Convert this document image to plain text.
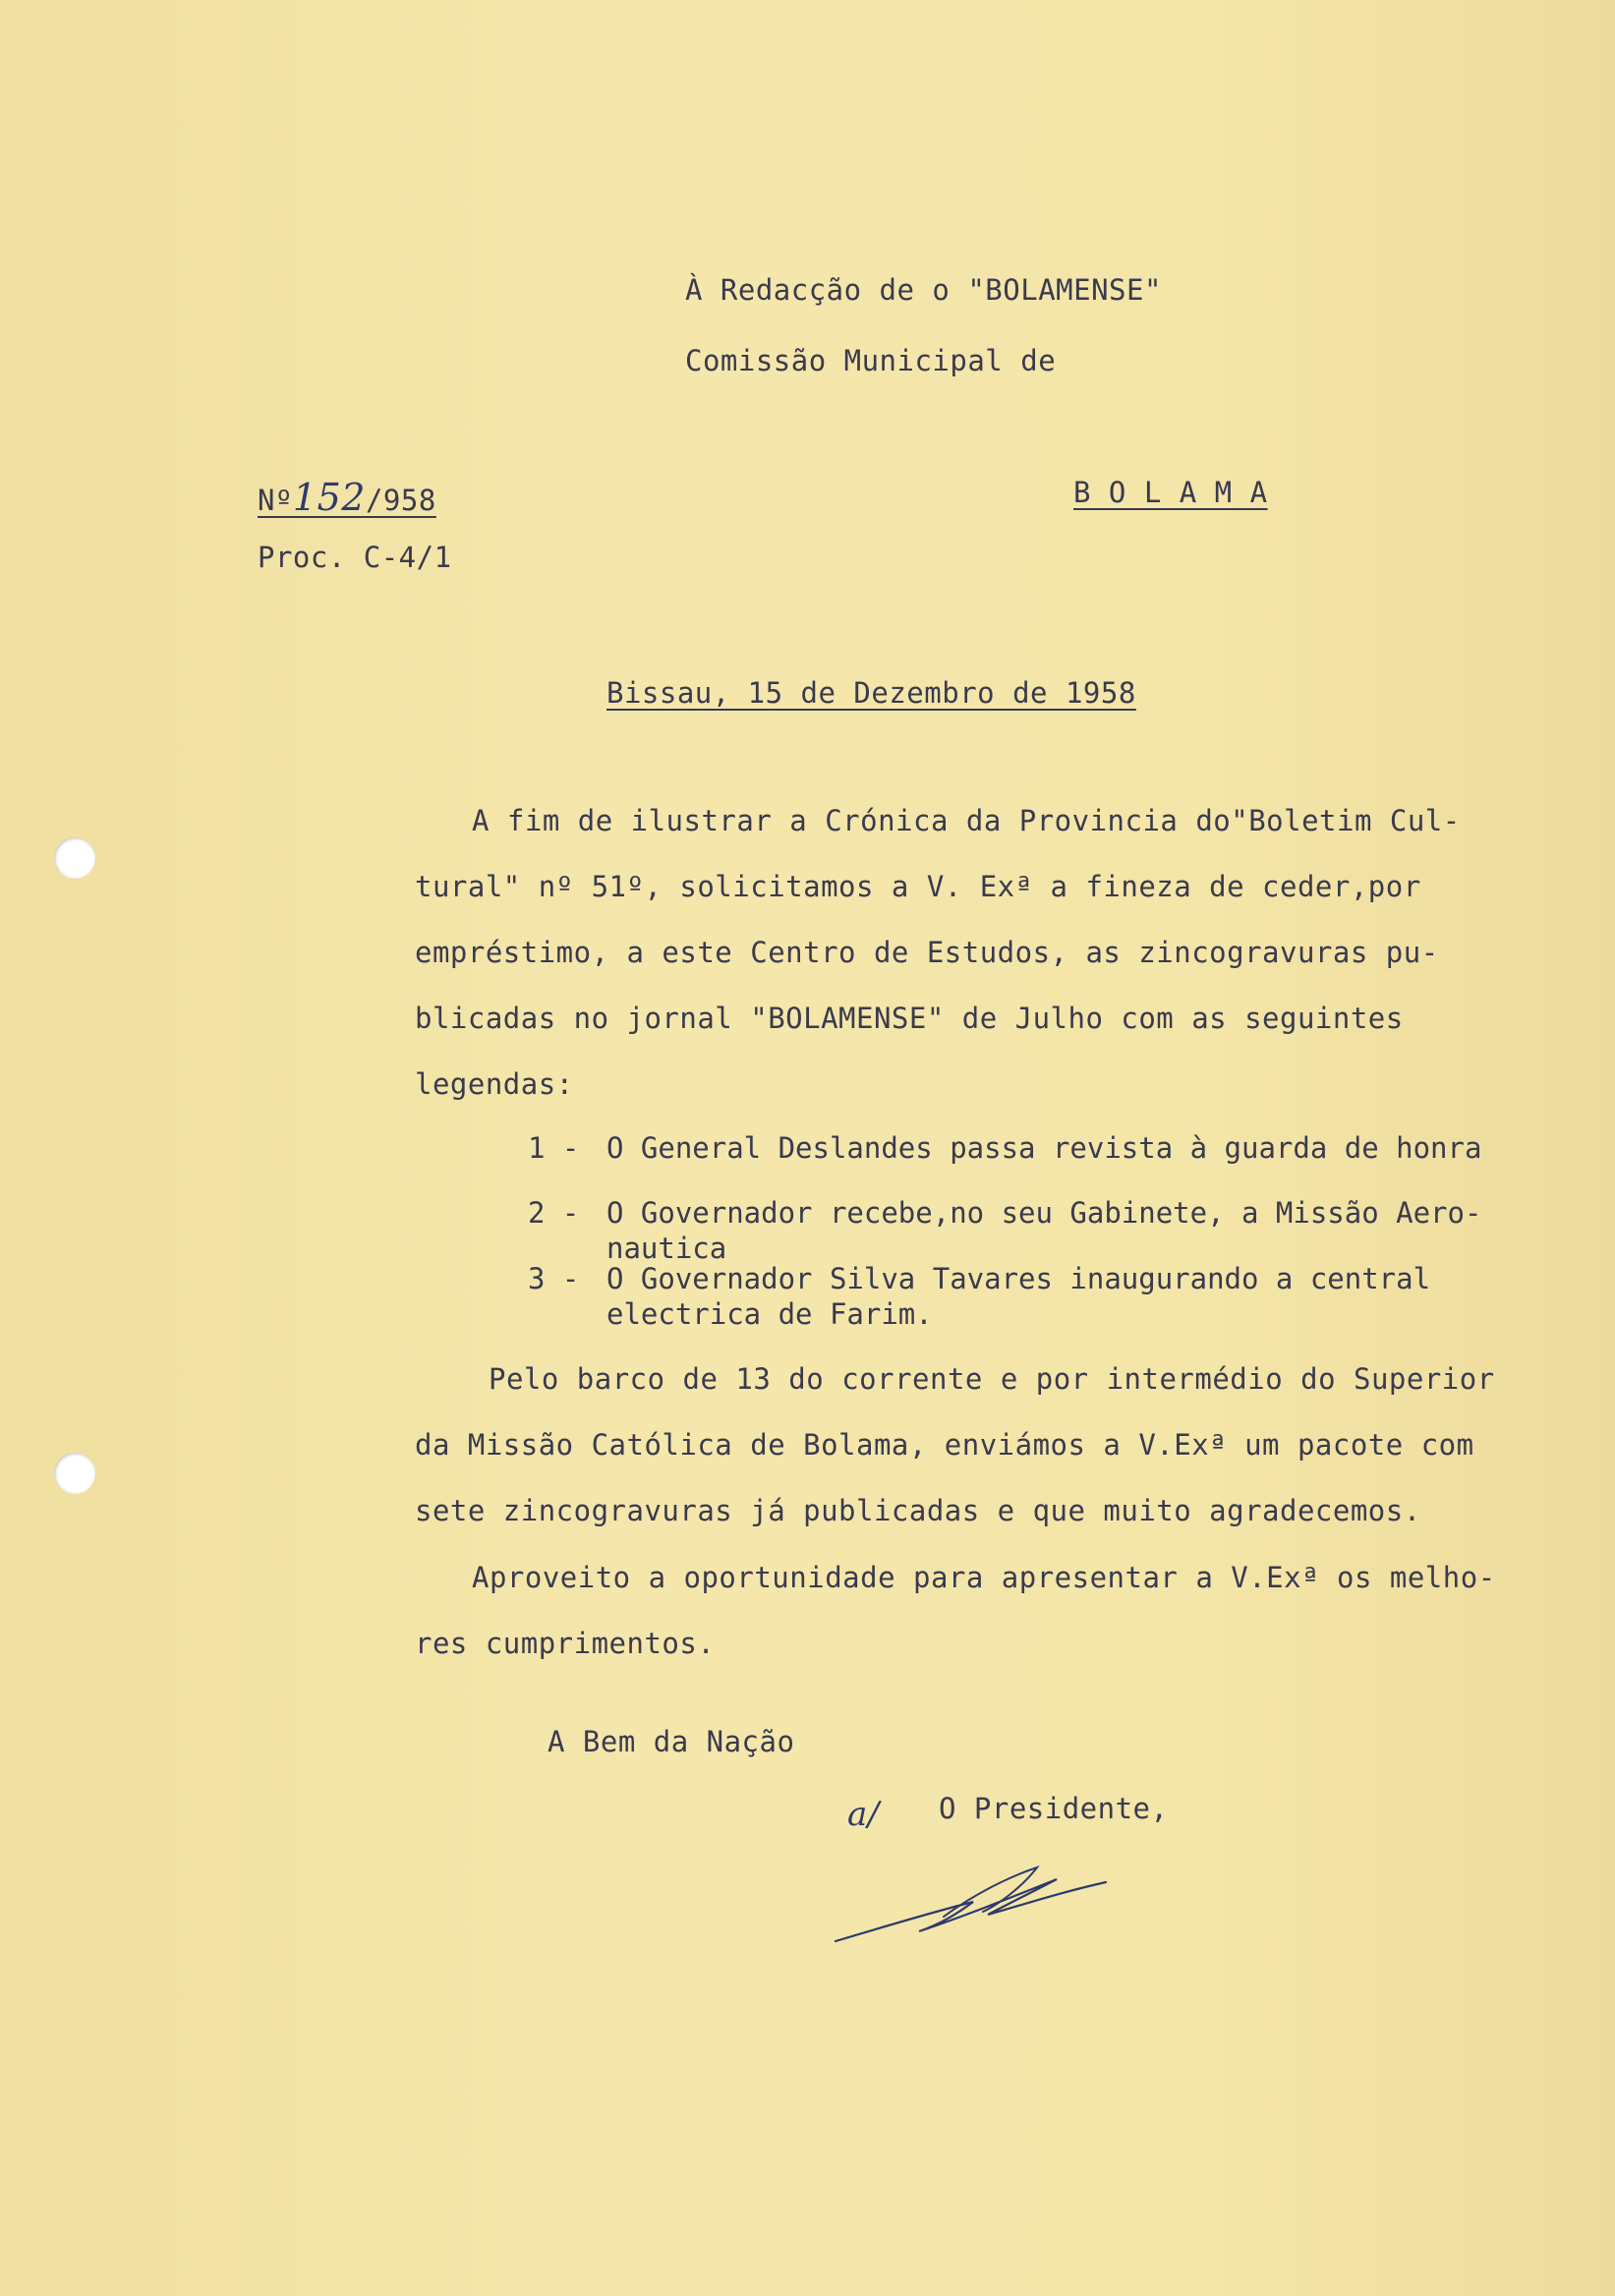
À Redacção de o "BOLAMENSE"
Comissão Municipal de
Nº152/958	B O L A M A
Proc. C-4/1
Bissau, 15 de Dezembro de 1958
A fim de ilustrar a Crónica da Provincia do"Boletim Cul-
tural" nº 51º, solicitamos a V. Exª a fineza de ceder,por
empréstimo, a este Centro de Estudos, as zincogravuras pu-
blicadas no jornal "BOLAMENSE" de Julho com as seguintes
legendas:
1 - O General Deslandes passa revista à guarda de honra
2 - O Governador recebe,no seu Gabinete, a Missão Aero-
nautica
3 - O Governador Silva Tavares inaugurando a central
electrica de Farim.
Pelo barco de 13 do corrente e por intermédio do Superior
da Missão Católica de Bolama, enviámos a V.Exª um pacote com
sete zincogravuras já publicadas e que muito agradecemos.
Aproveito a oportunidade para apresentar a V.Exª os melho-
res cumprimentos.
A Bem da Nação
a/ O Presidente,
